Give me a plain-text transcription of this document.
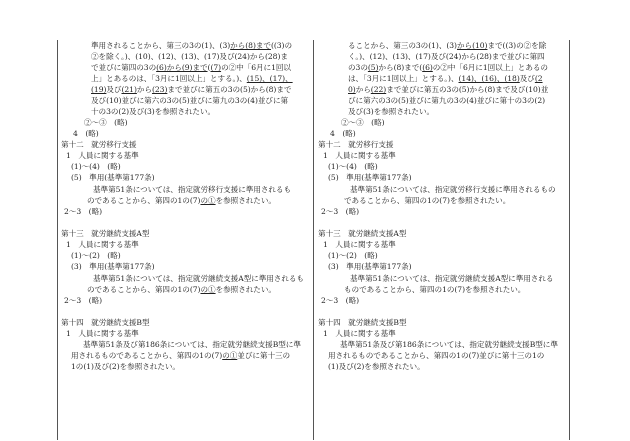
準用されることから、第三の3の(1)、(3)から(8)まで((3)の
②を除く。)、(10)、(12)、(13)、(17)及び(24)から(28)ま
で並びに第四の3の(6)から(9)まで((7)の②中「6月に1回以
上」とあるのは、「3月に1回以上」とする。)、(15)、(17)、
(19)及び(21)から(23)まで並びに第五の3の(5)から(8)まで
及び(10)並びに第六の3の(5)並びに第九の3の(4)並びに第
十の3の(2)及び(3)を参照されたい。
②～③　(略)
4　(略)
第十二　就労移行支援
1　人員に関する基準
(1)～(4)　(略)
(5)　準用(基準第177条)
基準第51条については、指定就労移行支援に準用されるも
のであることから、第四の1の(7)の①を参照されたい。
2～3　(略)
第十三　就労継続支援A型
1　人員に関する基準
(1)～(2)　(略)
(3)　準用(基準第177条)
基準第51条については、指定就労継続支援A型に準用されるも
のであることから、第四の1の(7)の①を参照されたい。
2～3　(略)
第十四　就労継続支援B型
1　人員に関する基準
基準第51条及び第186条については、指定就労継続支援B型に準
用されるものであることから、第四の1の(7)の①並びに第十三の
1の(1)及び(2)を参照されたい。
ることから、第三の3の(1)、(3)から(10)まで((3)の②を除
く。)、(12)、(13)、(17)及び(24)から(28)まで並びに第四
の3の(5)から(8)まで((6)の②中「6月に1回以上」とあるの
は、「3月に1回以上」とする。)、(14)、(16)、(18)及び(2
0)から(22)まで並びに第五の3の(5)から(8)まで及び(10)並
びに第六の3の(5)並びに第九の3の(4)並びに第十の3の(2)
及び(3)を参照されたい。
②～③　(略)
4　(略)
第十二　就労移行支援
1　人員に関する基準
(1)～(4)　(略)
(5)　準用(基準第177条)
基準第51条については、指定就労移行支援に準用されるもの
であることから、第四の1の(7)を参照されたい。
2～3　(略)
第十三　就労継続支援A型
1　人員に関する基準
(1)～(2)　(略)
(3)　準用(基準第177条)
基準第51条については、指定就労継続支援A型に準用される
ものであることから、第四の1の(7)を参照されたい。
2～3　(略)
第十四　就労継続支援B型
1　人員に関する基準
基準第51条及び第186条については、指定就労継続支援B型に準
用されるものであることから、第四の1の(7)並びに第十三の1の
(1)及び(2)を参照されたい。
